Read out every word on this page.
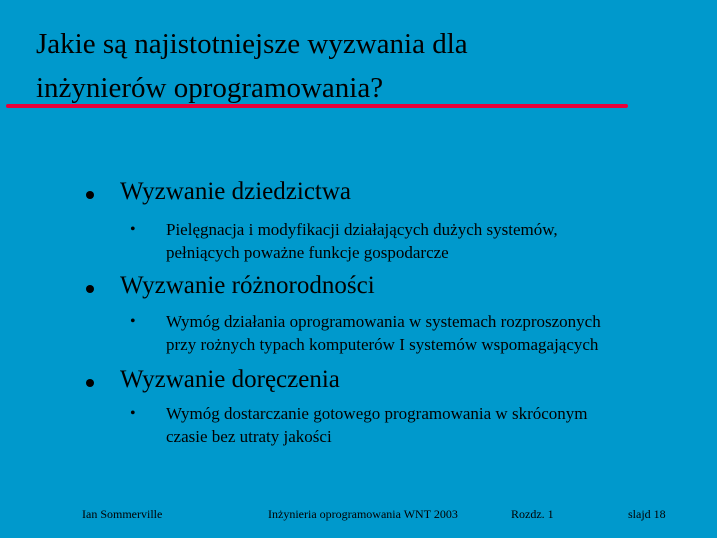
Jakie są najistotniejsze wyzwania dla
inżynierów oprogramowania?
Wyzwanie dziedzictwa
• Pielęgnacja i modyfikacji działających dużych systemów,
pełniących poważne funkcje gospodarcze
Wyzwanie różnorodności
• Wymóg działania oprogramowania w systemach rozproszonych
przy rożnych typach komputerów I systemów wspomagających
Wyzwanie doręczenia
• Wymóg dostarczanie gotowego programowania w skróconym
czasie bez utraty jakości
Ian Sommerville	Inżynieria oprogramowania WNT 2003	Rozdz. 1	slajd 18
